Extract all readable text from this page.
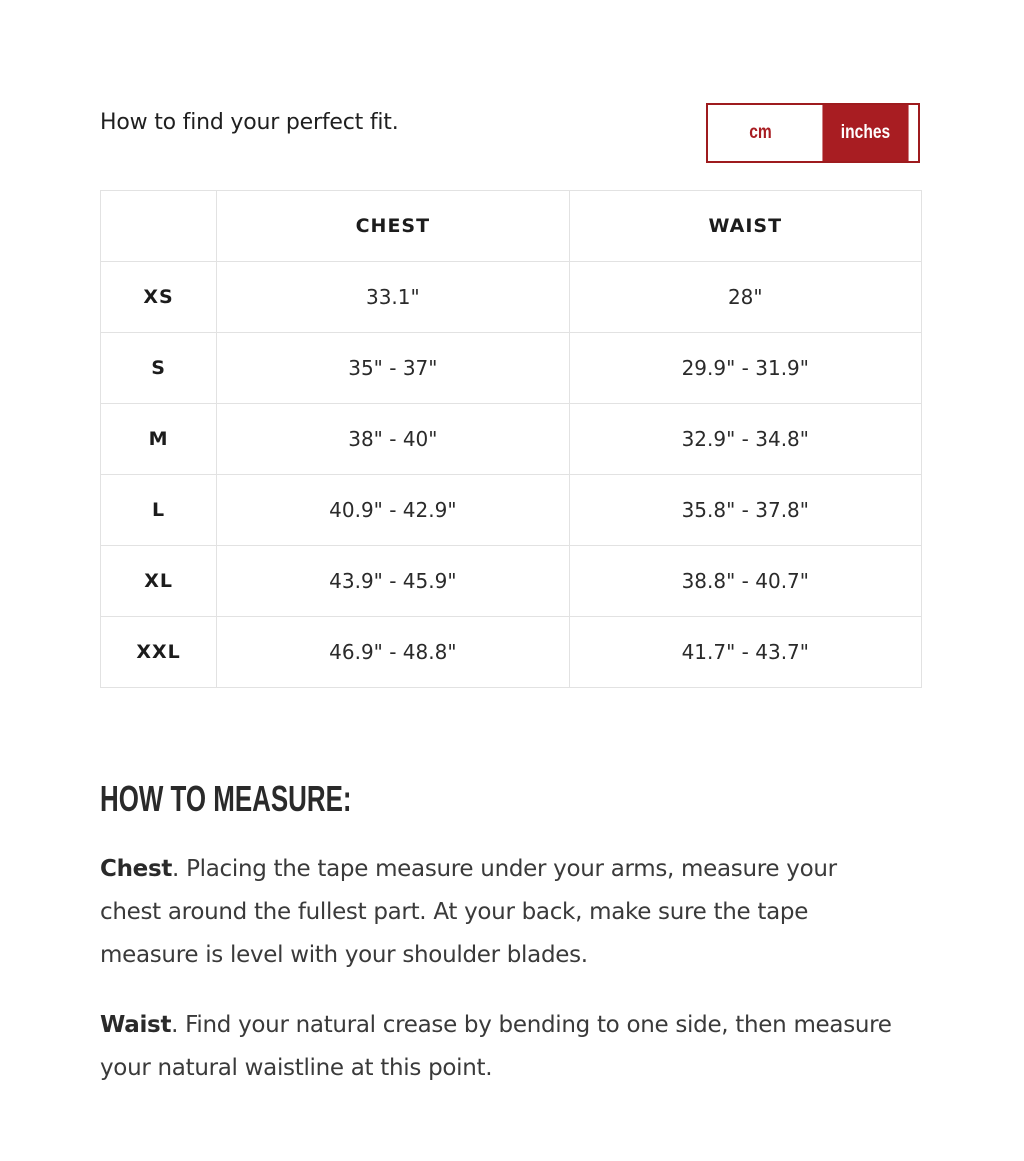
How to find your perfect fit.	cm	inches
	CHEST	WAIST
XS	33.1"	28"
S	35" - 37"	29.9" - 31.9"
M	38" - 40"	32.9" - 34.8"
L	40.9" - 42.9"	35.8" - 37.8"
XL	43.9" - 45.9"	38.8" - 40.7"
XXL	46.9" - 48.8"	41.7" - 43.7"
HOW TO MEASURE:
Chest. Placing the tape measure under your arms, measure your chest around the fullest part. At your back, make sure the tape measure is level with your shoulder blades.
Waist. Find your natural crease by bending to one side, then measure your natural waistline at this point.
